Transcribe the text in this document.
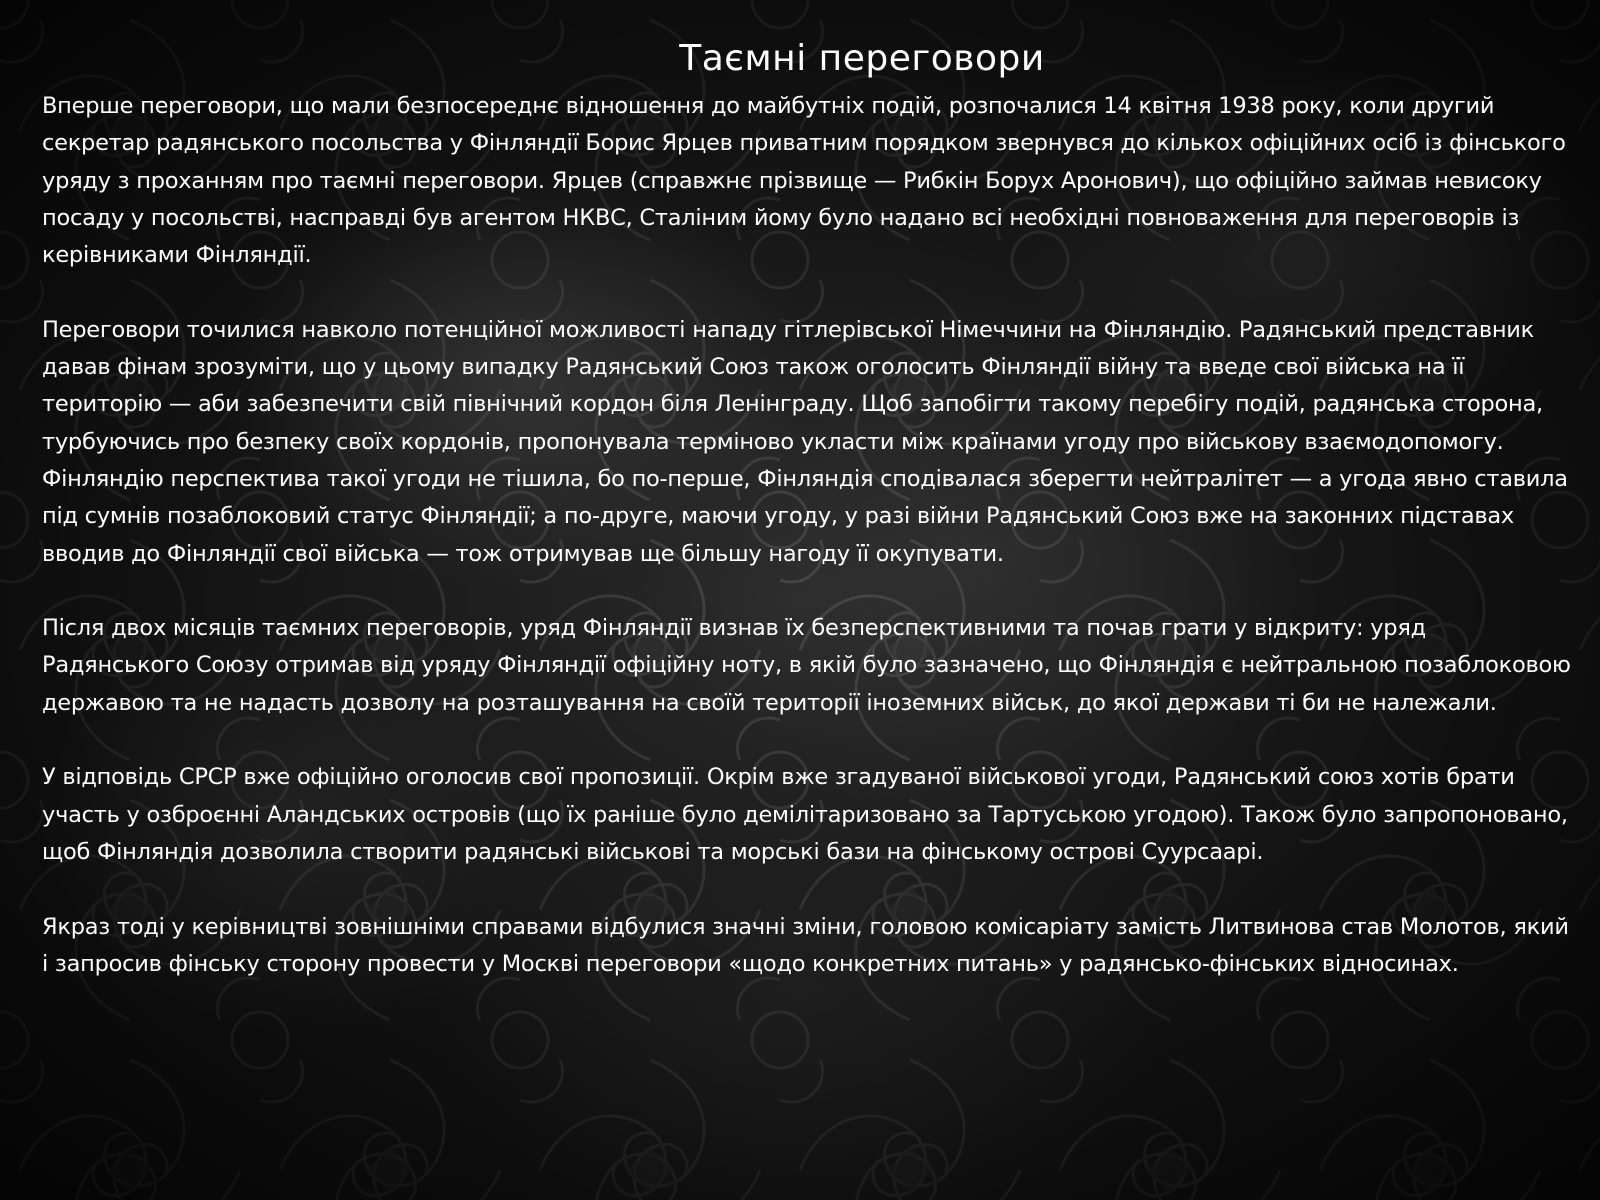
Таємні переговори

Вперше переговори, що мали безпосереднє відношення до майбутніх подій, розпочалися 14 квітня 1938 року, коли другий секретар радянського посольства у Фінляндії Борис Ярцев приватним порядком звернувся до кількох офіційних осіб із фінського уряду з проханням про таємні переговори. Ярцев (справжнє прізвище — Рибкін Борух Аронович), що офіційно займав невисоку посаду у посольстві, насправді був агентом НКВС, Сталіним йому було надано всі необхідні повноваження для переговорів із керівниками Фінляндії.

Переговори точилися навколо потенційної можливості нападу гітлерівської Німеччини на Фінляндію. Радянський представник давав фінам зрозуміти, що у цьому випадку Радянський Союз також оголосить Фінляндії війну та введе свої війська на її територію — аби забезпечити свій північний кордон біля Ленінграду. Щоб запобігти такому перебігу подій, радянська сторона, турбуючись про безпеку своїх кордонів, пропонувала терміново укласти між країнами угоду про військову взаємодопомогу. Фінляндію перспектива такої угоди не тішила, бо по-перше, Фінляндія сподівалася зберегти нейтралітет — а угода явно ставила під сумнів позаблоковий статус Фінляндії; а по-друге, маючи угоду, у разі війни Радянський Союз вже на законних підставах вводив до Фінляндії свої війська — тож отримував ще більшу нагоду її окупувати.

Після двох місяців таємних переговорів, уряд Фінляндії визнав їх безперспективними та почав грати у відкриту: уряд Радянського Союзу отримав від уряду Фінляндії офіційну ноту, в якій було зазначено, що Фінляндія є нейтральною позаблоковою державою та не надасть дозволу на розташування на своїй території іноземних військ, до якої держави ті би не належали.

У відповідь СРСР вже офіційно оголосив свої пропозиції. Окрім вже згадуваної військової угоди, Радянський союз хотів брати участь у озброєнні Аландських островів (що їх раніше було демілітаризовано за Тартуською угодою). Також було запропоновано, щоб Фінляндія дозволила створити радянські військові та морські бази на фінському острові Суурсаарі.

Якраз тоді у керівництві зовнішніми справами відбулися значні зміни, головою комісаріату замість Литвинова став Молотов, який і запросив фінську сторону провести у Москві переговори «щодо конкретних питань» у радянсько-фінських відносинах.
